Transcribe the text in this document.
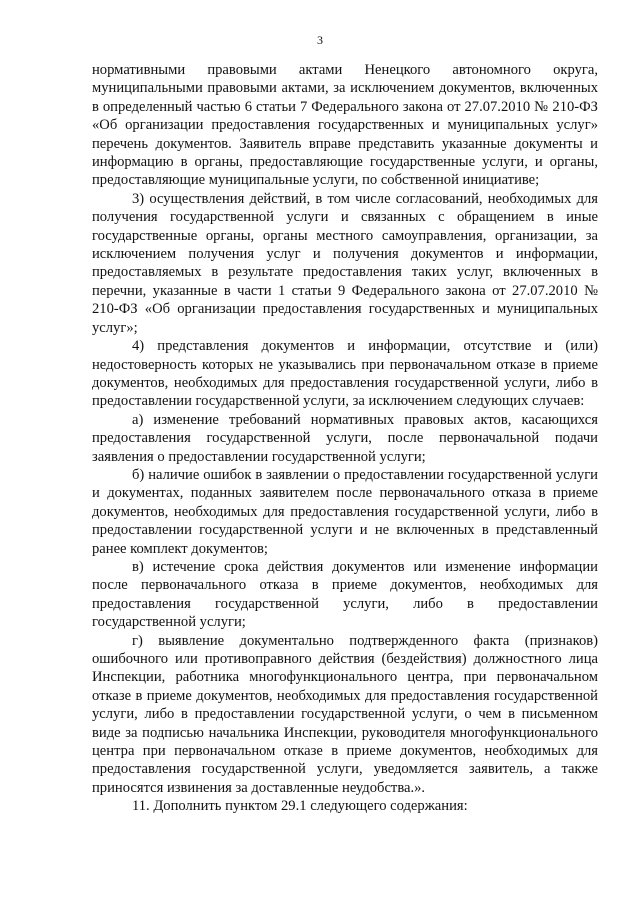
3

нормативными правовыми актами Ненецкого автономного округа, муниципальными правовыми актами, за исключением документов, включенных в определенный частью 6 статьи 7 Федерального закона от 27.07.2010 № 210-ФЗ «Об организации предоставления государственных и муниципальных услуг» перечень документов. Заявитель вправе представить указанные документы и информацию в органы, предоставляющие государственные услуги, и органы, предоставляющие муниципальные услуги, по собственной инициативе;

3) осуществления действий, в том числе согласований, необходимых для получения государственной услуги и связанных с обращением в иные государственные органы, органы местного самоуправления, организации, за исключением получения услуг и получения документов и информации, предоставляемых в результате предоставления таких услуг, включенных в перечни, указанные в части 1 статьи 9 Федерального закона от 27.07.2010 № 210-ФЗ «Об организации предоставления государственных и муниципальных услуг»;

4) представления документов и информации, отсутствие и (или) недостоверность которых не указывались при первоначальном отказе в приеме документов, необходимых для предоставления государственной услуги, либо в предоставлении государственной услуги, за исключением следующих случаев:

а) изменение требований нормативных правовых актов, касающихся предоставления государственной услуги, после первоначальной подачи заявления о предоставлении государственной услуги;

б) наличие ошибок в заявлении о предоставлении государственной услуги и документах, поданных заявителем после первоначального отказа в приеме документов, необходимых для предоставления государственной услуги, либо в предоставлении государственной услуги и не включенных в представленный ранее комплект документов;

в) истечение срока действия документов или изменение информации после первоначального отказа в приеме документов, необходимых для предоставления государственной услуги, либо в предоставлении государственной услуги;

г) выявление документально подтвержденного факта (признаков) ошибочного или противоправного действия (бездействия) должностного лица Инспекции, работника многофункционального центра, при первоначальном отказе в приеме документов, необходимых для предоставления государственной услуги, либо в предоставлении государственной услуги, о чем в письменном виде за подписью начальника Инспекции, руководителя многофункционального центра при первоначальном отказе в приеме документов, необходимых для предоставления государственной услуги, уведомляется заявитель, а также приносятся извинения за доставленные неудобства.».

11. Дополнить пунктом 29.1 следующего содержания:
